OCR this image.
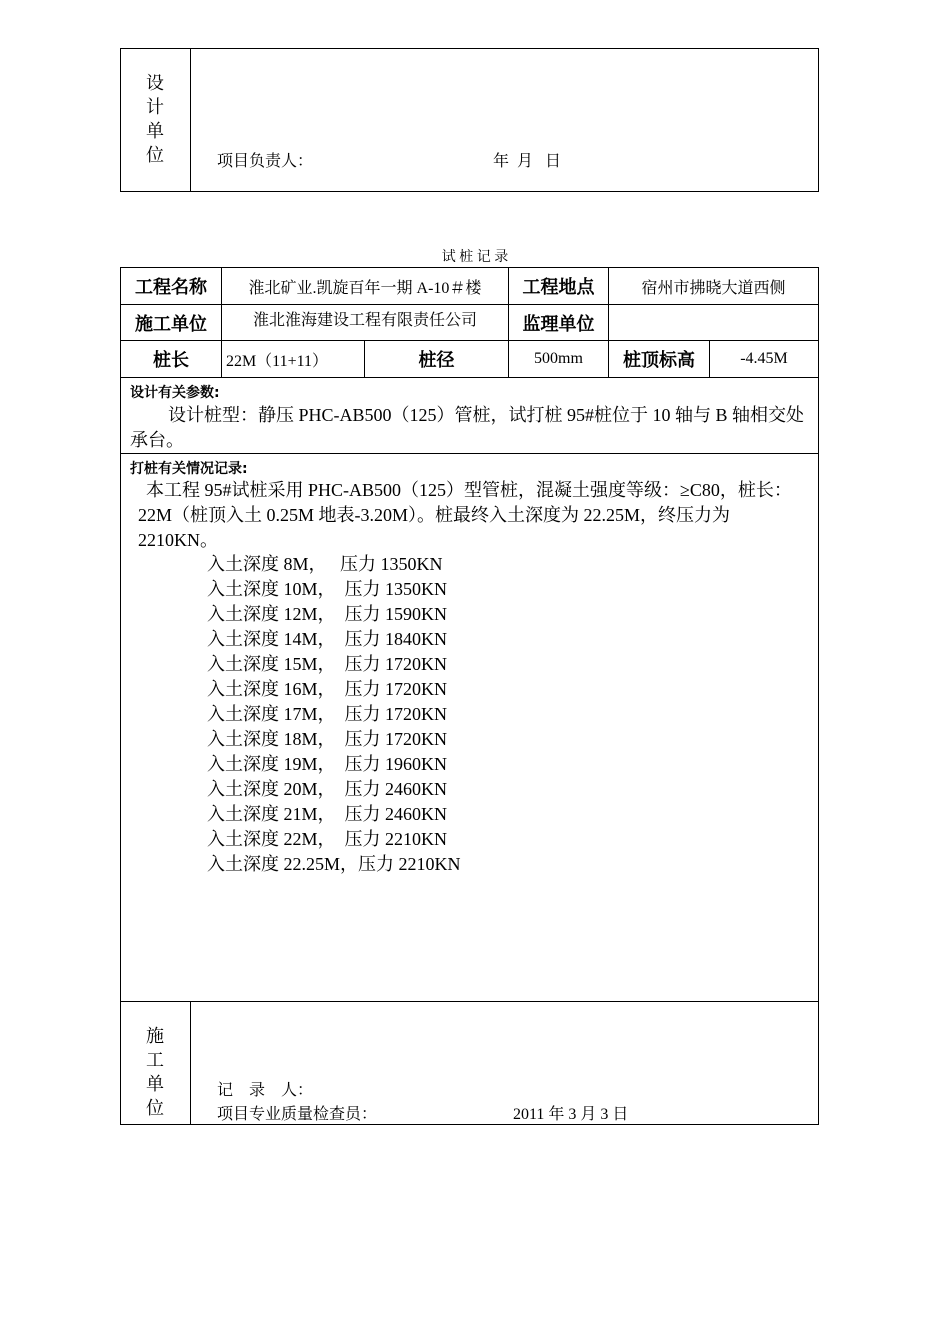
设
计
单
位	项目负责人：	年  月   日
试 桩 记 录
工程名称	淮北矿业.凯旋百年一期 A-10＃楼	工程地点	宿州市拂晓大道西侧
施工单位	淮北淮海建设工程有限责任公司	监理单位
桩长	22M（11+11）	桩径	500mm	桩顶标高	-4.45M
设计有关参数:
设计桩型：静压 PHC-AB500（125）管桩，试打桩 95#桩位于 10 轴与 B 轴相交处承台。
打桩有关情况记录:
本工程 95#试桩采用 PHC-AB500（125）型管桩，混凝土强度等级：≥C80，桩长：22M（桩顶入土 0.25M 地表-3.20M）。桩最终入土深度为 22.25M，终压力为 2210KN。
入土深度 8M，   压力 1350KN
入土深度 10M，  压力 1350KN
入土深度 12M，  压力 1590KN
入土深度 14M，  压力 1840KN
入土深度 15M，  压力 1720KN
入土深度 16M，  压力 1720KN
入土深度 17M，  压力 1720KN
入土深度 18M，  压力 1720KN
入土深度 19M，  压力 1960KN
入土深度 20M，  压力 2460KN
入土深度 21M，  压力 2460KN
入土深度 22M，  压力 2210KN
入土深度 22.25M，压力 2210KN
施
工
单
位
记    录    人：
项目专业质量检查员：	2011 年 3 月 3 日
